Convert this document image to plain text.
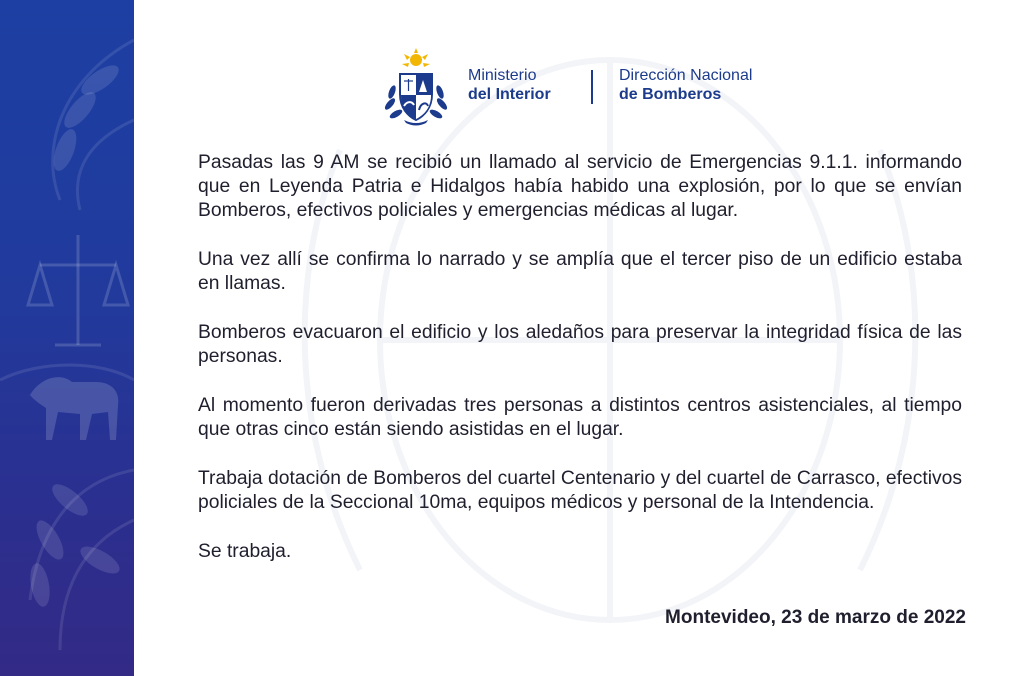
Ministerio
del Interior
Dirección Nacional
de Bomberos

Pasadas las 9 AM se recibió un llamado al servicio de Emergencias 9.1.1. informando que en Leyenda Patria e Hidalgos había habido una explosión, por lo que se envían Bomberos, efectivos policiales y emergencias médicas al lugar.

Una vez allí se confirma lo narrado y se amplía que el tercer piso de un edificio estaba en llamas.

Bomberos evacuaron el edificio y los aledaños para preservar la integridad física de las personas.

Al momento fueron derivadas tres personas a distintos centros asistenciales, al tiempo que otras cinco están siendo asistidas en el lugar.

Trabaja dotación de Bomberos del cuartel Centenario y del cuartel de Carrasco, efectivos policiales de la Seccional 10ma, equipos médicos y personal de la Intendencia.

Se trabaja.

Montevideo, 23 de marzo de 2022
